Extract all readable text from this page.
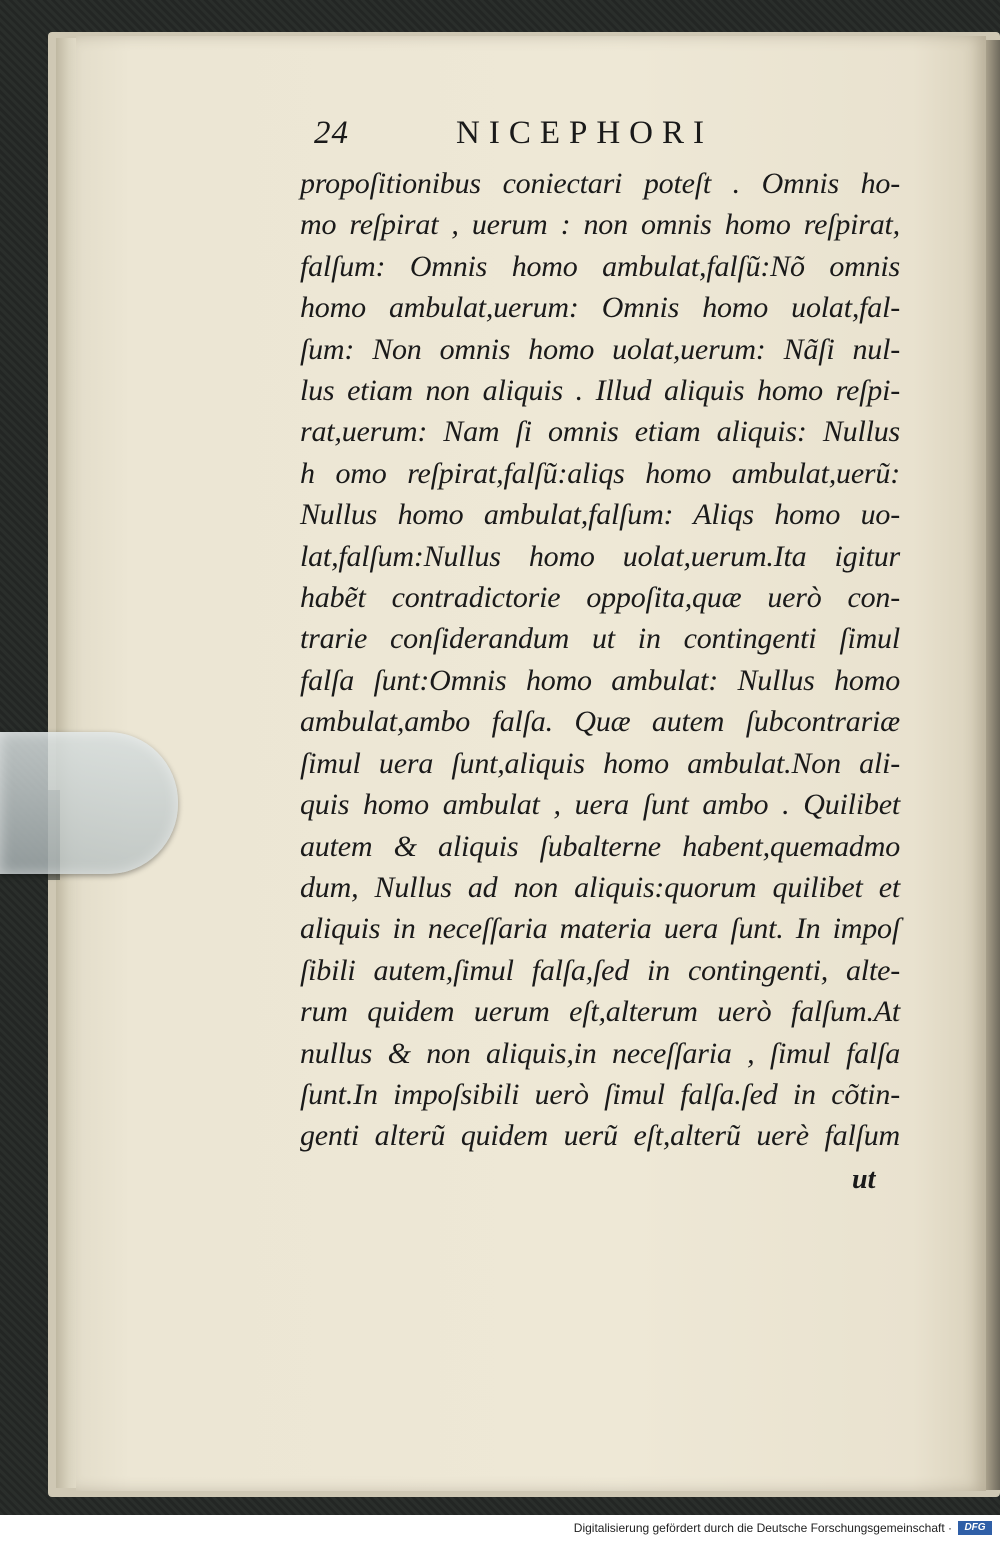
24	NICEPHORI
propoſitionibus coniectari poteſt . Omnis ho-
mo reſpirat , uerum : non omnis homo reſpirat,
falſum: Omnis homo ambulat,falſũ:Nõ omnis
homo ambulat,uerum: Omnis homo uolat,fal-
ſum: Non omnis homo uolat,uerum: Nãſi nul-
lus etiam non aliquis . Illud aliquis homo reſpi-
rat,uerum: Nam ſi omnis etiam aliquis: Nullus
h omo reſpirat,falſũ:aliqs homo ambulat,uerũ:
Nullus homo ambulat,falſum: Aliqs homo uo-
lat,falſum:Nullus homo uolat,uerum.Ita igitur
habẽt contradictorie oppoſita,quæ uerò con-
trarie conſiderandum ut in contingenti ſimul
falſa ſunt:Omnis homo ambulat: Nullus homo
ambulat,ambo falſa. Quæ autem ſubcontrariæ
ſimul uera ſunt,aliquis homo ambulat.Non ali-
quis homo ambulat , uera ſunt ambo . Quilibet
autem & aliquis ſubalterne habent,quemadmo
dum, Nullus ad non aliquis:quorum quilibet et
aliquis in neceſſaria materia uera ſunt. In impoſ
ſibili autem,ſimul falſa,ſed in contingenti, alte-
rum quidem uerum eſt,alterum uerò falſum.At
nullus & non aliquis,in neceſſaria , ſimul falſa
ſunt.In impoſsibili uerò ſimul falſa.ſed in cõtin-
genti alterũ quidem uerũ eſt,alterũ uerè falſum
ut
Digitalisierung gefördert durch die Deutsche Forschungsgemeinschaft ·	DFG
